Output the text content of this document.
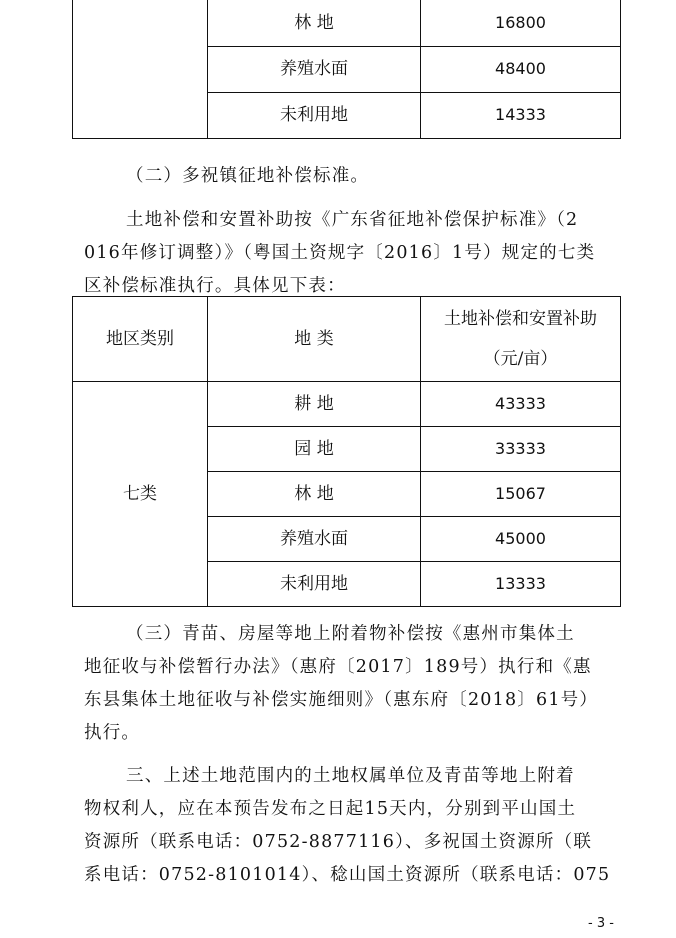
	林 地	16800
	养殖水面	48400
	未利用地	14333
（二）多祝镇征地补偿标准。
土地补偿和安置补助按《广东省征地补偿保护标准》（2
016年修订调整）》（粤国土资规字〔2016〕1号）规定的七类
区补偿标准执行。具体见下表：
地区类别	地 类	土地补偿和安置补助
（元/亩）

七类	耕 地	43333
	园 地	33333
	林 地	15067
	养殖水面	45000
	未利用地	13333
（三）青苗、房屋等地上附着物补偿按《惠州市集体土
地征收与补偿暂行办法》（惠府〔2017〕189号）执行和《惠
东县集体土地征收与补偿实施细则》（惠东府〔2018〕61号）
执行。
三、上述土地范围内的土地权属单位及青苗等地上附着
物权利人，应在本预告发布之日起15天内，分别到平山国土
资源所（联系电话：0752-8877116）、多祝国土资源所（联
系电话：0752-8101014）、稔山国土资源所（联系电话：075
- 3 -
